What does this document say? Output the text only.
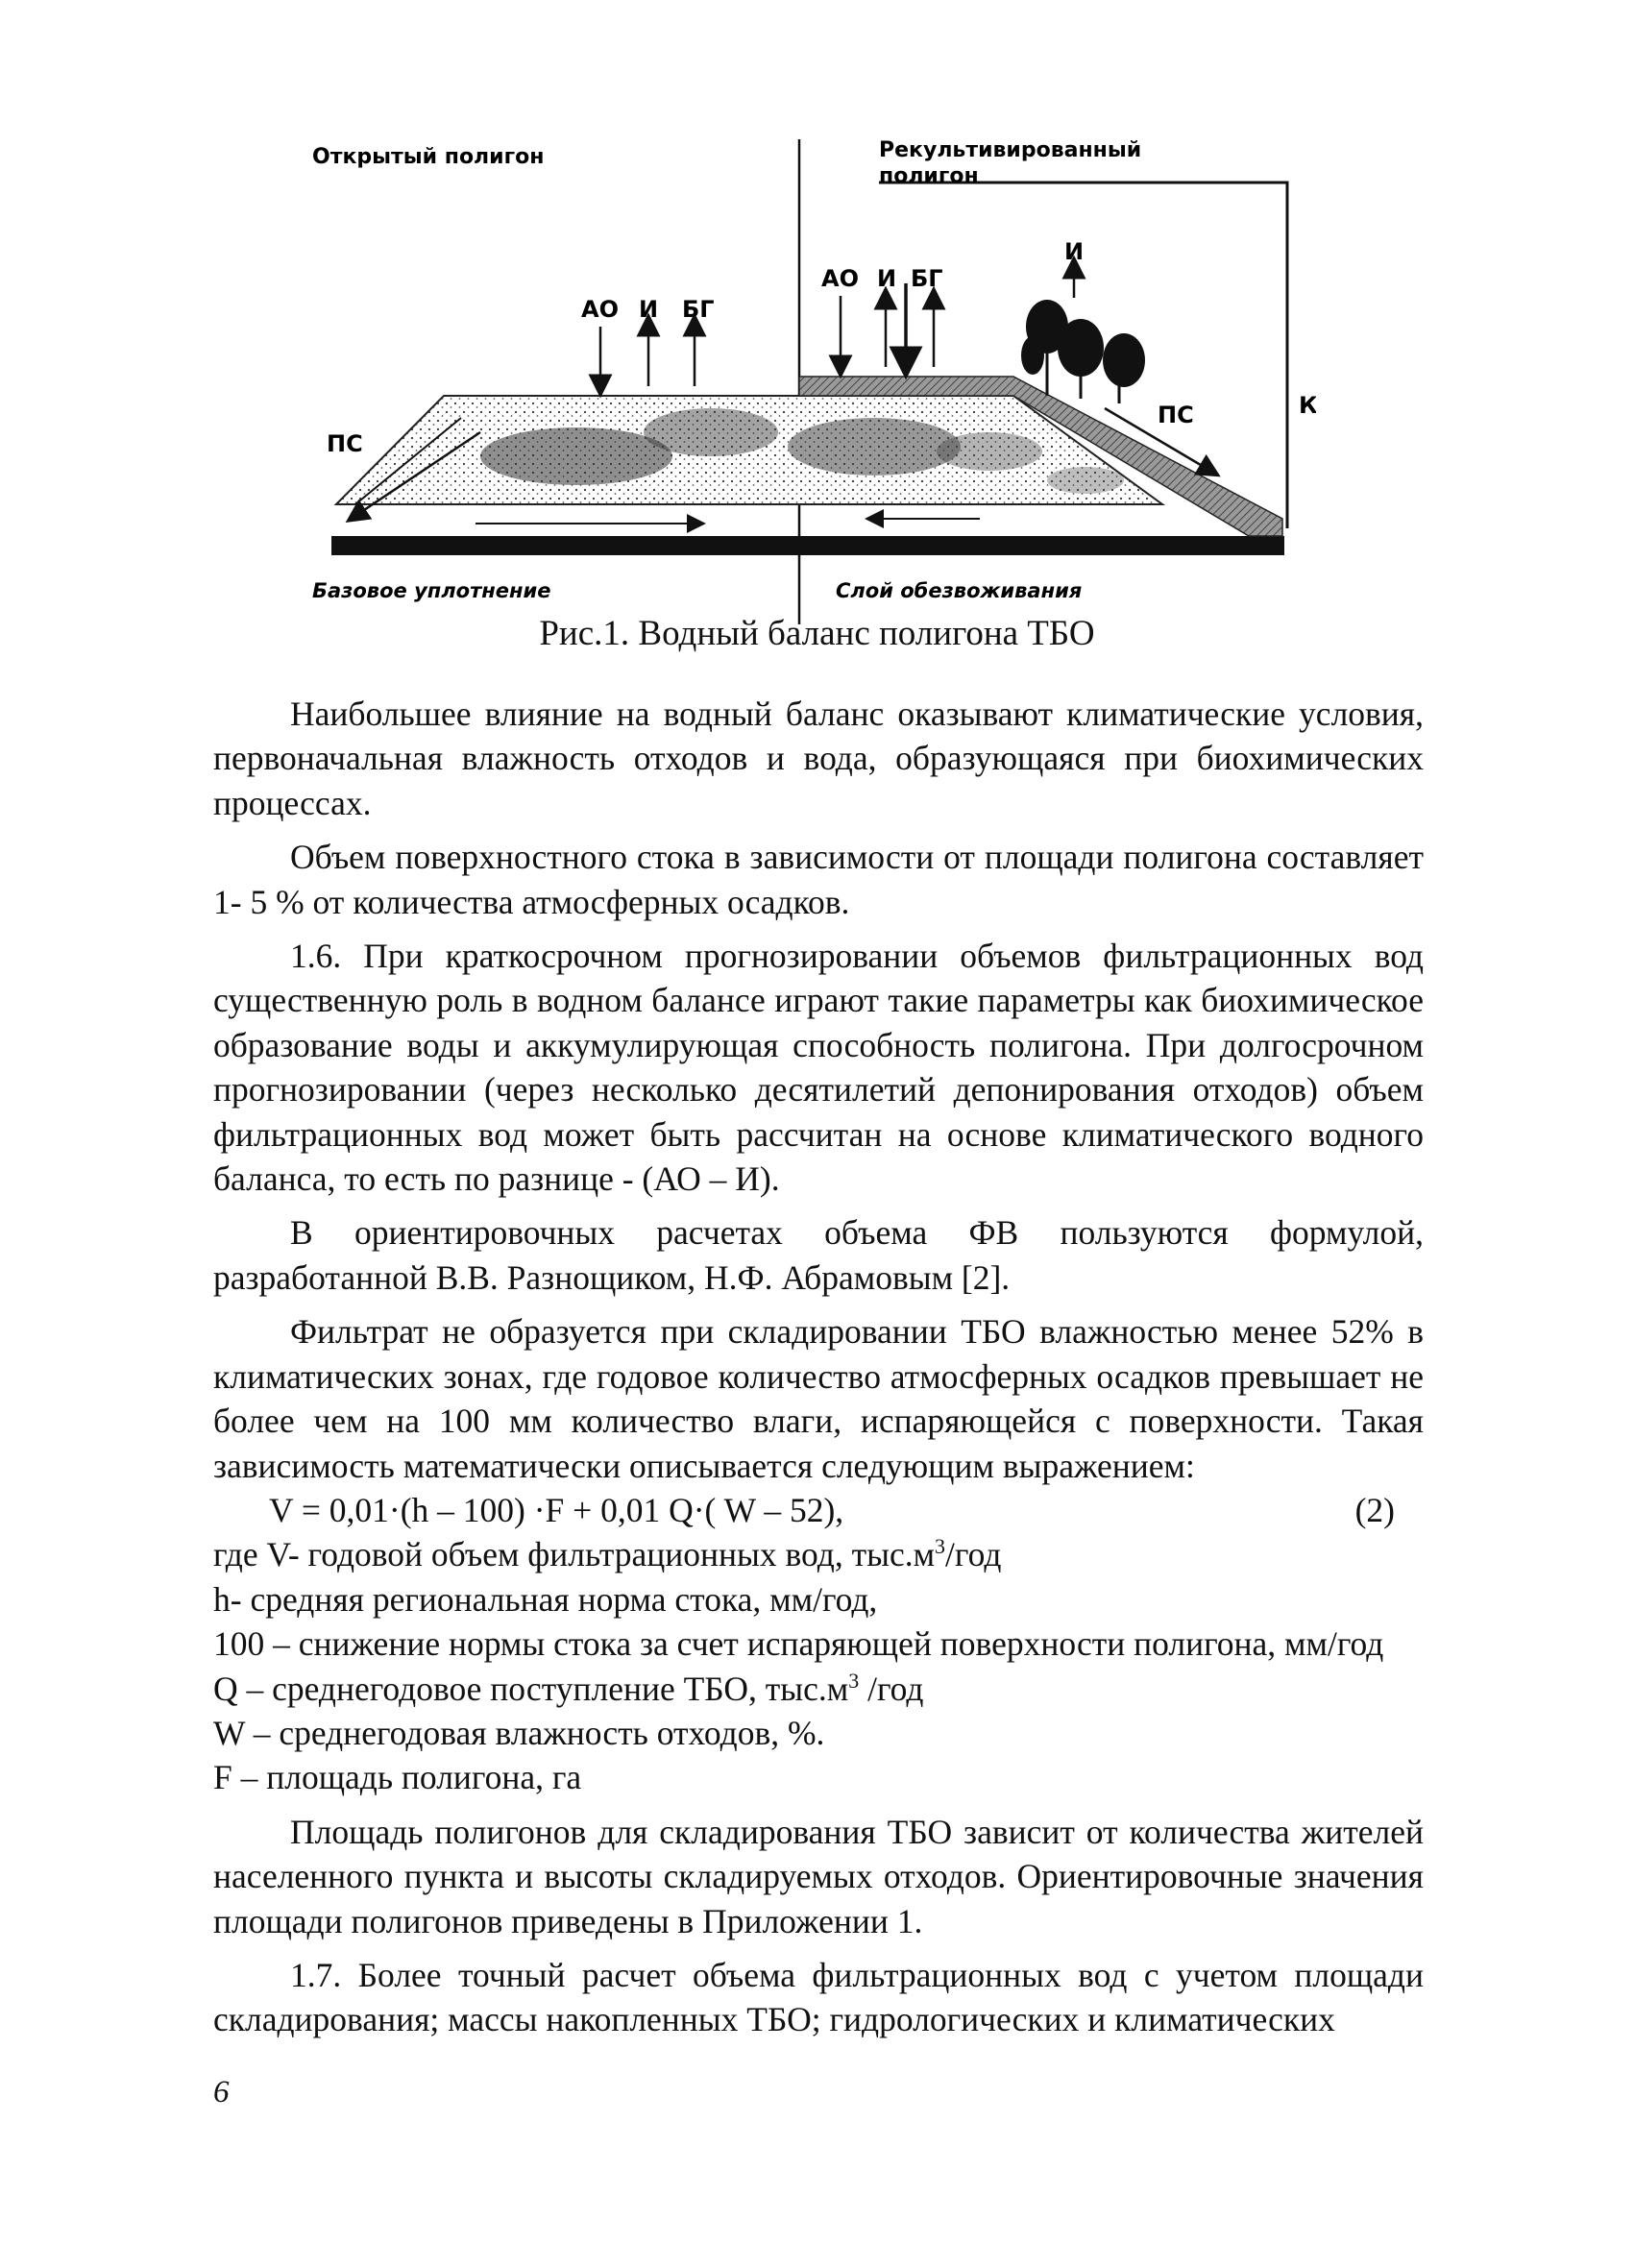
Открытый полигон	Рекультивированный
полигон
АО И БГ
АО И БГ
И
ПС
ПС	К
Базовое уплотнение	Слой обезвоживания
Рис.1. Водный баланс полигона ТБО

Наибольшее влияние на водный баланс оказывают климатические условия, первоначальная влажность отходов и вода, образующаяся при биохимических процессах.

Объем поверхностного стока в зависимости от площади полигона составляет 1- 5 % от количества атмосферных осадков.

1.6. При краткосрочном прогнозировании объемов фильтрационных вод существенную роль в водном балансе играют такие параметры как биохимическое образование воды и аккумулирующая способность полигона. При долгосрочном прогнозировании (через несколько десятилетий депонирования отходов) объем фильтрационных вод может быть рассчитан на основе климатического водного баланса, то есть по разнице - (АО – И).

В ориентировочных расчетах объема ФВ пользуются формулой, разработанной В.В. Разнощиком, Н.Ф. Абрамовым [2].

Фильтрат не образуется при складировании ТБО влажностью менее 52% в климатических зонах, где годовое количество атмосферных осадков превышает не более чем на 100 мм количество влаги, испаряющейся с поверхности. Такая зависимость математически описывается следующим выражением:

V = 0,01·(h – 100) ·F + 0,01 Q·( W – 52),	(2)

где V- годовой объем фильтрационных вод, $тыс.м^3$/год

h- средняя региональная норма стока, мм/год,

100 – снижение нормы стока за счет испаряющей поверхности полигона, мм/год

Q – среднегодовое поступление ТБО, $тыс.м^3$ /год

W – среднегодовая влажность отходов, %.

F – площадь полигона, га

Площадь полигонов для складирования ТБО зависит от количества жителей населенного пункта и высоты складируемых отходов. Ориентировочные значения площади полигонов приведены в Приложении 1.

1.7. Более точный расчет объема фильтрационных вод с учетом площади складирования; массы накопленных ТБО; гидрологических и климатических

6
